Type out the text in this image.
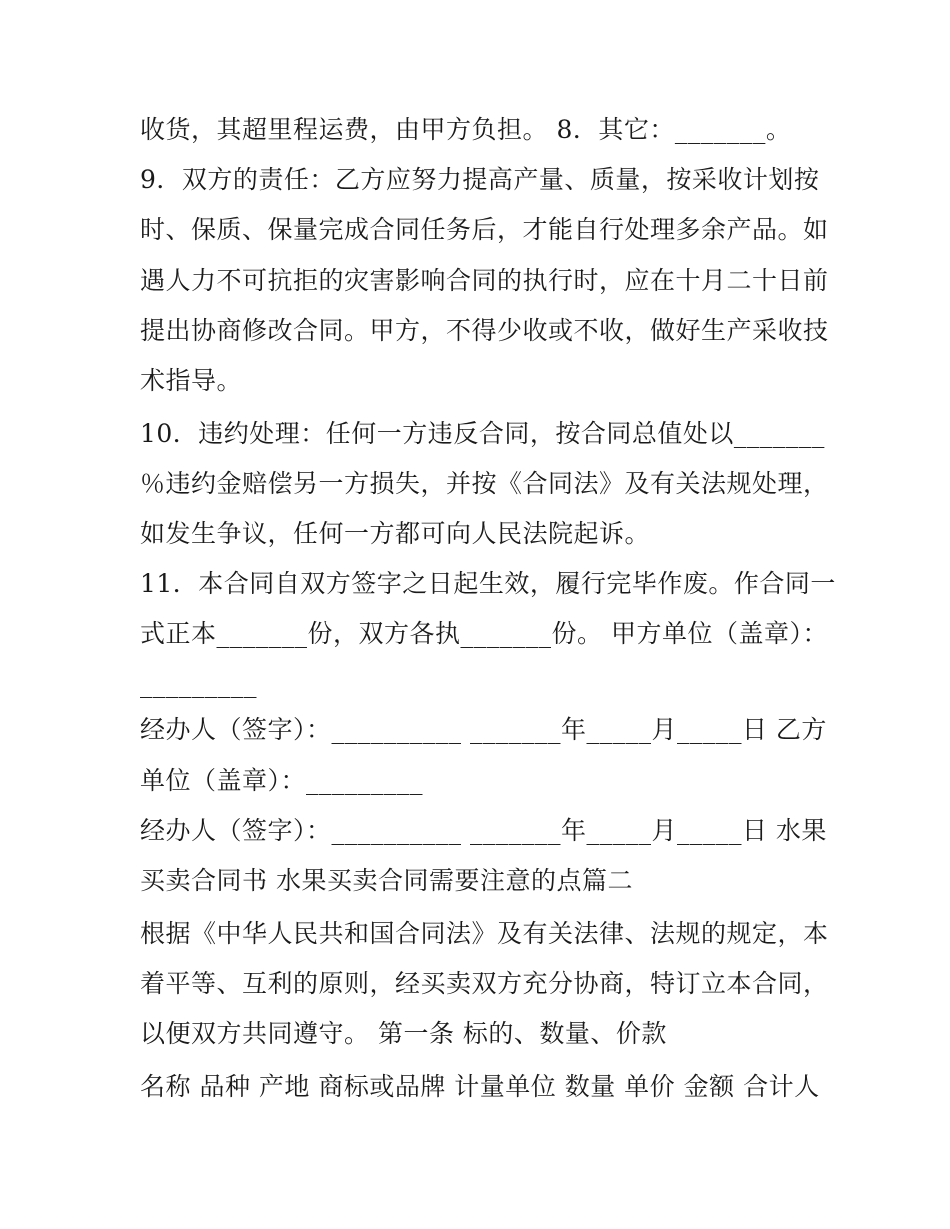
收货，其超里程运费，由甲方负担。 8．其它：_______。
9．双方的责任：乙方应努力提高产量、质量，按采收计划按
时、保质、保量完成合同任务后，才能自行处理多余产品。如
遇人力不可抗拒的灾害影响合同的执行时，应在十月二十日前
提出协商修改合同。甲方，不得少收或不收，做好生产采收技
术指导。
10．违约处理：任何一方违反合同，按合同总值处以_______
％违约金赔偿另一方损失，并按《合同法》及有关法规处理，
如发生争议，任何一方都可向人民法院起诉。
11．本合同自双方签字之日起生效，履行完毕作废。作合同一
式正本_______份，双方各执_______份。 甲方单位（盖章）：
_________
经办人（签字）：__________ _______年_____月_____日 乙方
单位（盖章）：_________
经办人（签字）：__________ _______年_____月_____日 水果
买卖合同书 水果买卖合同需要注意的点篇二
根据《中华人民共和国合同法》及有关法律、法规的规定，本
着平等、互利的原则，经买卖双方充分协商，特订立本合同，
以便双方共同遵守。 第一条 标的、数量、价款
名称 品种 产地 商标或品牌 计量单位 数量 单价 金额 合计人
